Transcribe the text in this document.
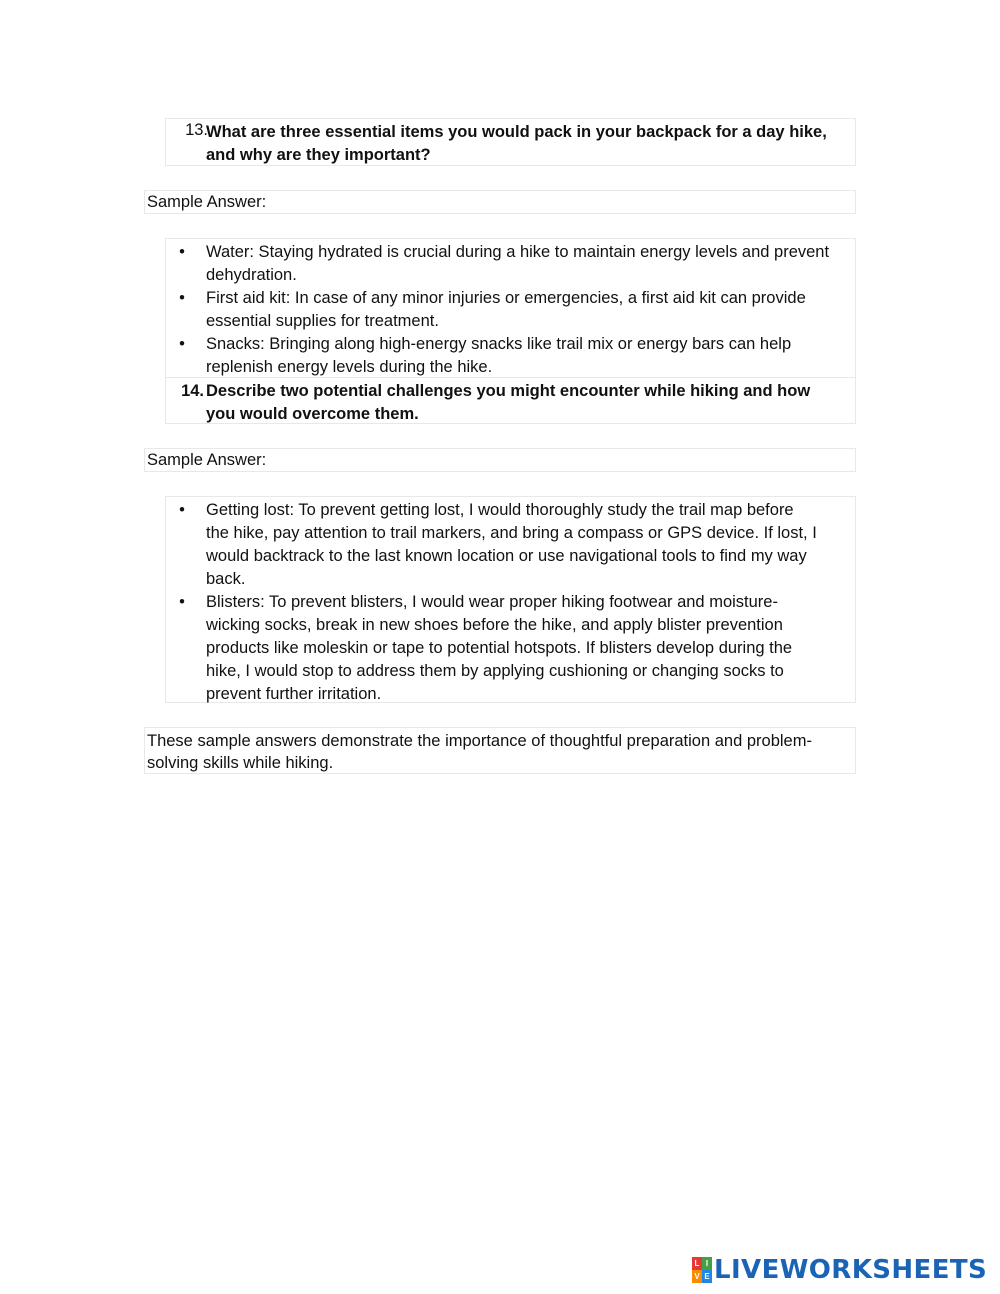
13.
What are three essential items you would pack in your backpack for a day hike,
and why are they important?
Sample Answer:
• Water: Staying hydrated is crucial during a hike to maintain energy levels and prevent
dehydration.
• First aid kit: In case of any minor injuries or emergencies, a first aid kit can provide
essential supplies for treatment.
• Snacks: Bringing along high-energy snacks like trail mix or energy bars can help
replenish energy levels during the hike.
14. Describe two potential challenges you might encounter while hiking and how
you would overcome them.
Sample Answer:
• Getting lost: To prevent getting lost, I would thoroughly study the trail map before
the hike, pay attention to trail markers, and bring a compass or GPS device. If lost, I
would backtrack to the last known location or use navigational tools to find my way
back.
• Blisters: To prevent blisters, I would wear proper hiking footwear and moisture-
wicking socks, break in new shoes before the hike, and apply blister prevention
products like moleskin or tape to potential hotspots. If blisters develop during the
hike, I would stop to address them by applying cushioning or changing socks to
prevent further irritation.
These sample answers demonstrate the importance of thoughtful preparation and problem-
solving skills while hiking.
L I
V E LIVEWORKSHEETS
